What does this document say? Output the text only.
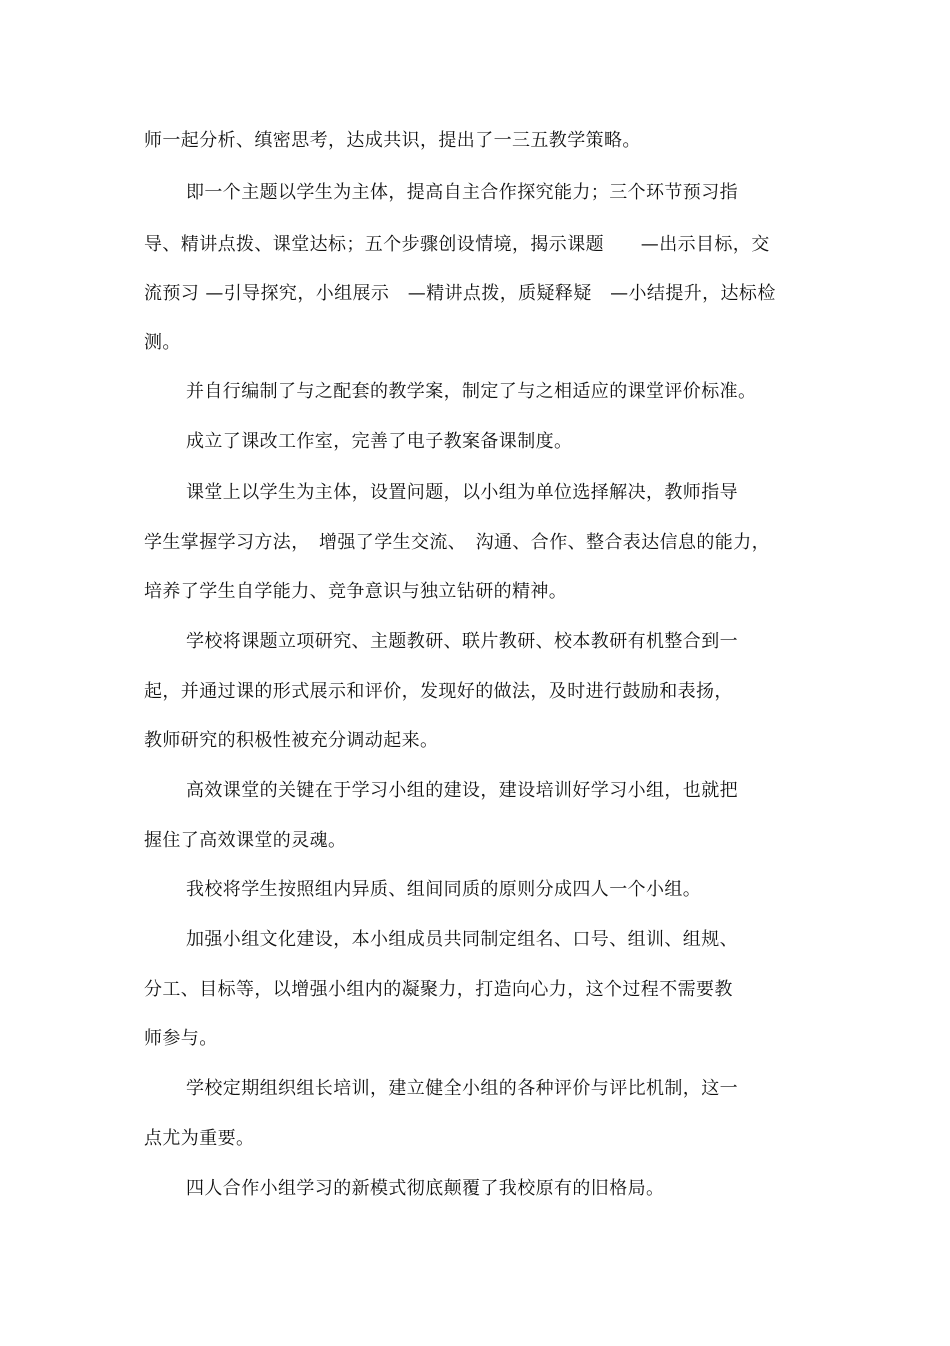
师一起分析、缜密思考，达成共识，提出了一三五教学策略。
即一个主题以学生为主体，提高自主合作探究能力；三个环节预习指
导、精讲点拨、课堂达标；五个步骤创设情境，揭示课题　　—出示目标，交
流预习 —引导探究，小组展示　—精讲点拨，质疑释疑　—小结提升，达标检
测。
并自行编制了与之配套的教学案，制定了与之相适应的课堂评价标准。
成立了课改工作室，完善了电子教案备课制度。
课堂上以学生为主体，设置问题，以小组为单位选择解决，教师指导
学生掌握学习方法，　增强了学生交流、　沟通、合作、整合表达信息的能力，
培养了学生自学能力、竞争意识与独立钻研的精神。
学校将课题立项研究、主题教研、联片教研、校本教研有机整合到一
起，并通过课的形式展示和评价，发现好的做法，及时进行鼓励和表扬，
教师研究的积极性被充分调动起来。
高效课堂的关键在于学习小组的建设，建设培训好学习小组，也就把
握住了高效课堂的灵魂。
我校将学生按照组内异质、组间同质的原则分成四人一个小组。
加强小组文化建设，本小组成员共同制定组名、口号、组训、组规、
分工、目标等，以增强小组内的凝聚力，打造向心力，这个过程不需要教
师参与。
学校定期组织组长培训，建立健全小组的各种评价与评比机制，这一
点尤为重要。
四人合作小组学习的新模式彻底颠覆了我校原有的旧格局。
